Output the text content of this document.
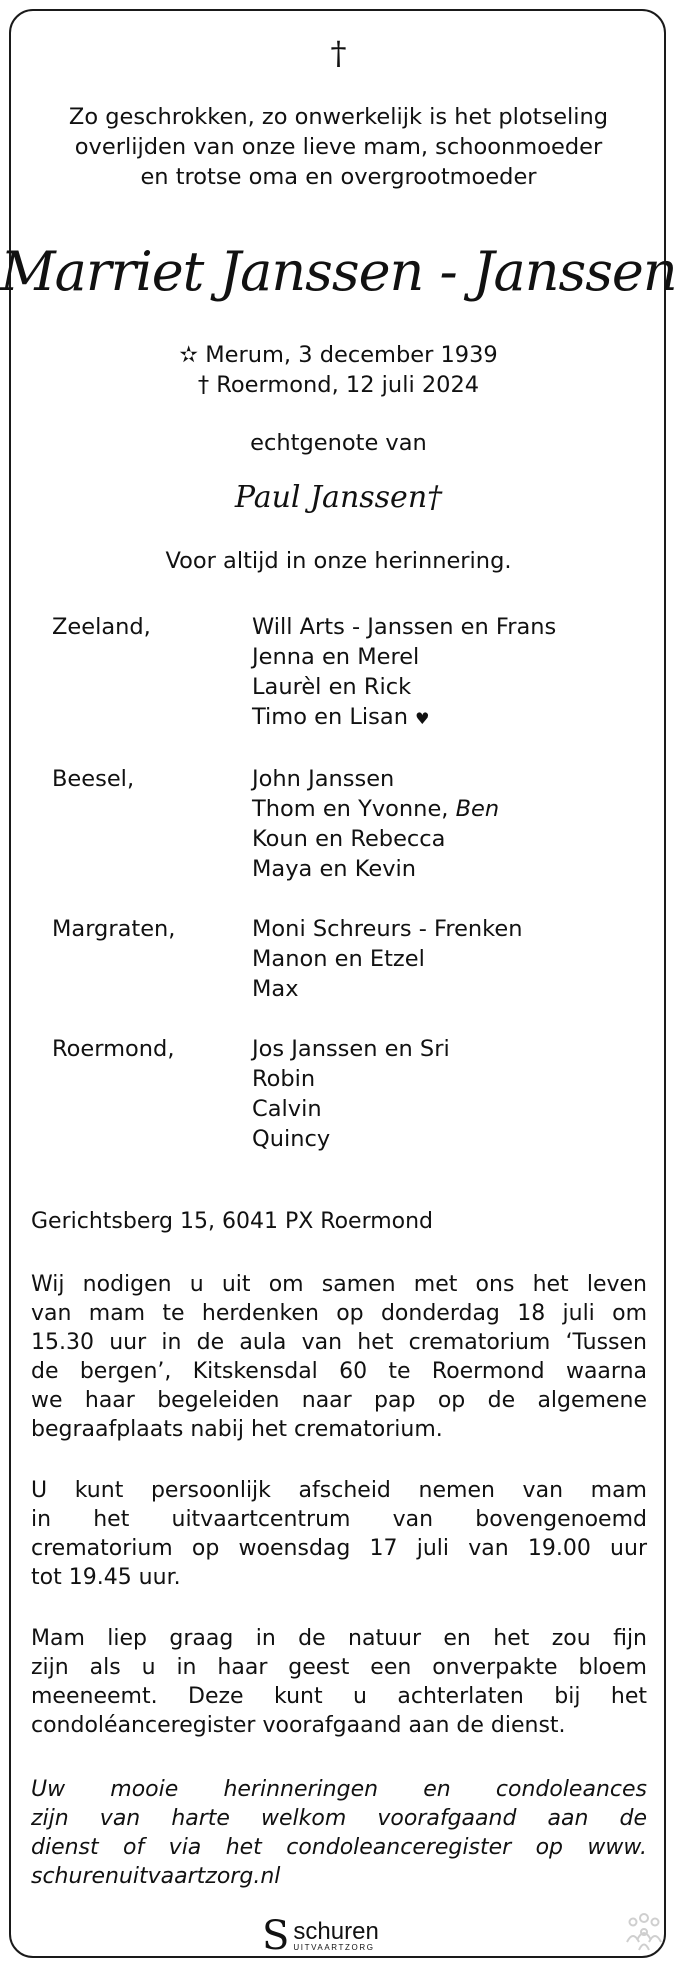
†
Zo geschrokken, zo onwerkelijk is het plotseling
overlijden van onze lieve mam, schoonmoeder
en trotse oma en overgrootmoeder
Marriet Janssen - Janssen
✫ Merum, 3 december 1939
† Roermond, 12 juli 2024
echtgenote van
Paul Janssen†
Voor altijd in onze herinnering.
Zeeland,	Will Arts - Janssen en Frans
Jenna en Merel
Laurèl en Rick
Timo en Lisan ♥
Beesel,	John Janssen
Thom en Yvonne, Ben
Koun en Rebecca
Maya en Kevin
Margraten,	Moni Schreurs - Frenken
Manon en Etzel
Max
Roermond,	Jos Janssen en Sri
Robin
Calvin
Quincy
Gerichtsberg 15, 6041 PX Roermond
Wij nodigen u uit om samen met ons het leven
van mam te herdenken op donderdag 18 juli om
15.30 uur in de aula van het crematorium ‘Tussen
de bergen’, Kitskensdal 60 te Roermond waarna
we haar begeleiden naar pap op de algemene
begraafplaats nabij het crematorium.
U kunt persoonlijk afscheid nemen van mam
in het uitvaartcentrum van bovengenoemd
crematorium op woensdag 17 juli van 19.00 uur
tot 19.45 uur.
Mam liep graag in de natuur en het zou fijn
zijn als u in haar geest een onverpakte bloem
meeneemt. Deze kunt u achterlaten bij het
condoléanceregister voorafgaand aan de dienst.
Uw mooie herinneringen en condoleances
zijn van harte welkom voorafgaand aan de
dienst of via het condoleanceregister op www.
schurenuitvaartzorg.nl
S schuren
UITVAARTZORG
